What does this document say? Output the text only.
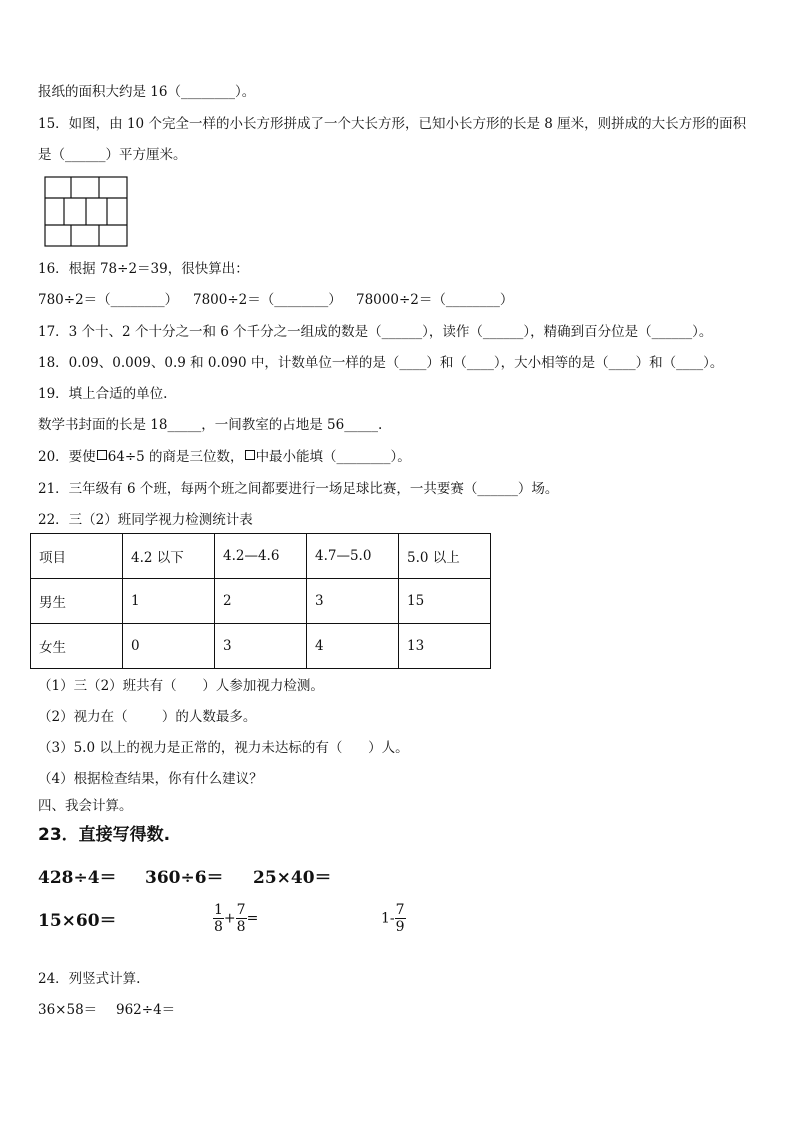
报纸的面积大约是 16（________）。
15．如图，由 10 个完全一样的小长方形拼成了一个大长方形，已知小长方形的长是 8 厘米，则拼成的大长方形的面积
是（______）平方厘米。
16．根据 78÷2＝39，很快算出：
780÷2＝（________） 7800÷2＝（________） 78000÷2＝（________）
17．3 个十、2 个十分之一和 6 个千分之一组成的数是（______），读作（______），精确到百分位是（______）。
18．0.09、0.009、0.9 和 0.090 中，计数单位一样的是（____）和（____），大小相等的是（____）和（____）。
19．填上合适的单位.
数学书封面的长是 18_____，一间教室的占地是 56_____.
20．要使 64÷5 的商是三位数， 中最小能填（________）。
21．三年级有 6 个班，每两个班之间都要进行一场足球比赛，一共要赛（______）场。
22．三（2）班同学视力检测统计表
项目	4.2 以下	4.2—4.6	4.7—5.0	5.0 以上
男生	1	2	3	15
女生	0	3	4	13
（1）三（2）班共有（      ）人参加视力检测。
（2）视力在（        ）的人数最多。
（3）5.0 以上的视力是正常的，视力未达标的有（      ）人。
（4）根据检查结果，你有什么建议？
四、我会计算。
23．直接写得数.
428÷4＝ 360÷6＝ 25×40＝
15×60＝	$\frac{1}{8} + \frac{7}{8}$ =	$1- \frac{7}{9}$
24．列竖式计算.
36×58＝ 962÷4＝
